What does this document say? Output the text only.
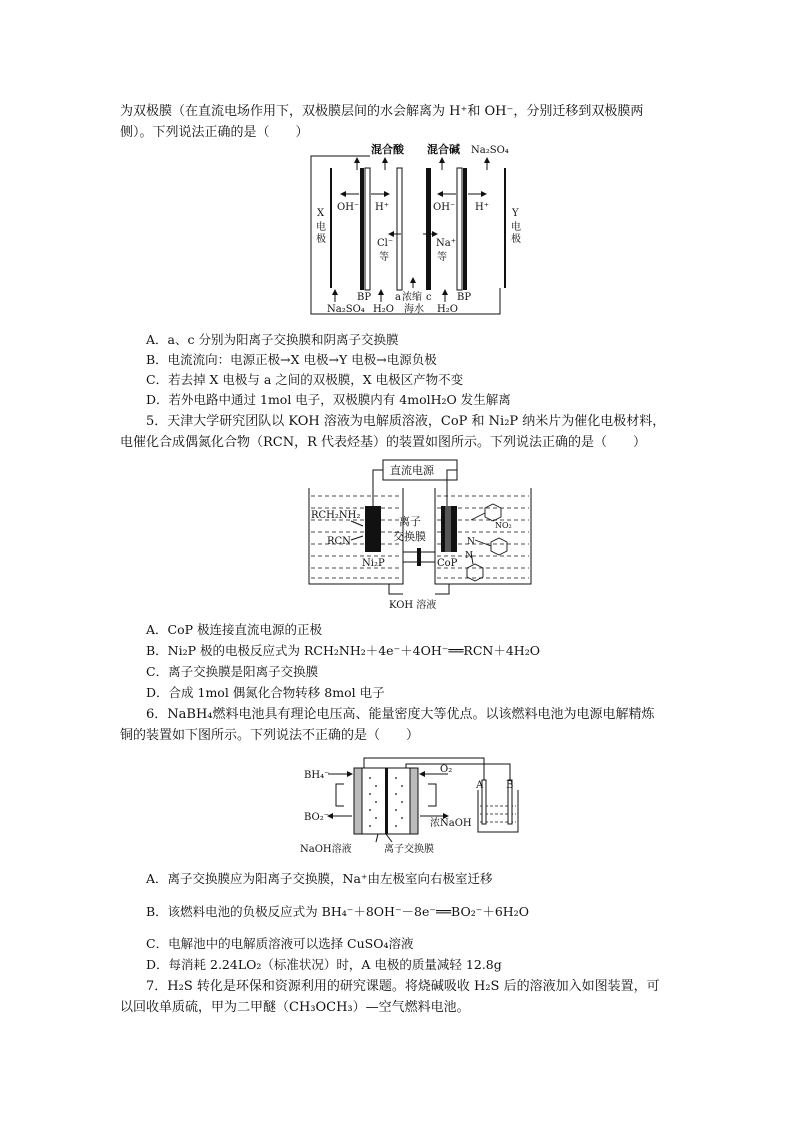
为双极膜（在直流电场作用下，双极膜层间的水会解离为 H⁺和 OH⁻，分别迁移到双极膜两
侧）。下列说法正确的是（　　）
混合酸 混合碱 Na₂SO₄
X
电
极
Y
电
极
OH⁻ H⁺	OH⁻ H⁺
Cl⁻
等
Na⁺
等
BP	BP
a 浓缩 c
海水
Na₂SO₄ H₂O	H₂O
A．a、c 分别为阳离子交换膜和阴离子交换膜
B．电流流向：电源正极→X 电极→Y 电极→电源负极
C．若去掉 X 电极与 a 之间的双极膜，X 电极区产物不变
D．若外电路中通过 1mol 电子，双极膜内有 4molH₂O 发生解离
5．天津大学研究团队以 KOH 溶液为电解质溶液，CoP 和 Ni₂P 纳米片为催化电极材料，
电催化合成偶氮化合物（RCN，R 代表烃基）的装置如图所示。下列说法正确的是（　　）
直流电源
RCH₂NH₂
RCN
离子
交换膜
Ni₂P	CoP
KOH 溶液
NO₂
N
N
A．CoP 极连接直流电源的正极
B．Ni₂P 极的电极反应式为 RCH₂NH₂＋4e⁻＋4OH⁻══RCN＋4H₂O
C．离子交换膜是阳离子交换膜
D．合成 1mol 偶氮化合物转移 8mol 电子
6．NaBH₄燃料电池具有理论电压高、能量密度大等优点。以该燃料电池为电源电解精炼
铜的装置如下图所示。下列说法不正确的是（　　）
BH₄⁻
BO₂⁻
O₂
浓NaOH
A B
NaOH溶液	离子交换膜
A．离子交换膜应为阳离子交换膜，Na⁺由左极室向右极室迁移
B．该燃料电池的负极反应式为 BH₄⁻＋8OH⁻－8e⁻══BO₂⁻＋6H₂O
C．电解池中的电解质溶液可以选择 CuSO₄溶液
D．每消耗 2.24LO₂（标准状况）时，A 电极的质量减轻 12.8g
7．H₂S 转化是环保和资源利用的研究课题。将烧碱吸收 H₂S 后的溶液加入如图装置，可
以回收单质硫，甲为二甲醚（CH₃OCH₃）—空气燃料电池。
